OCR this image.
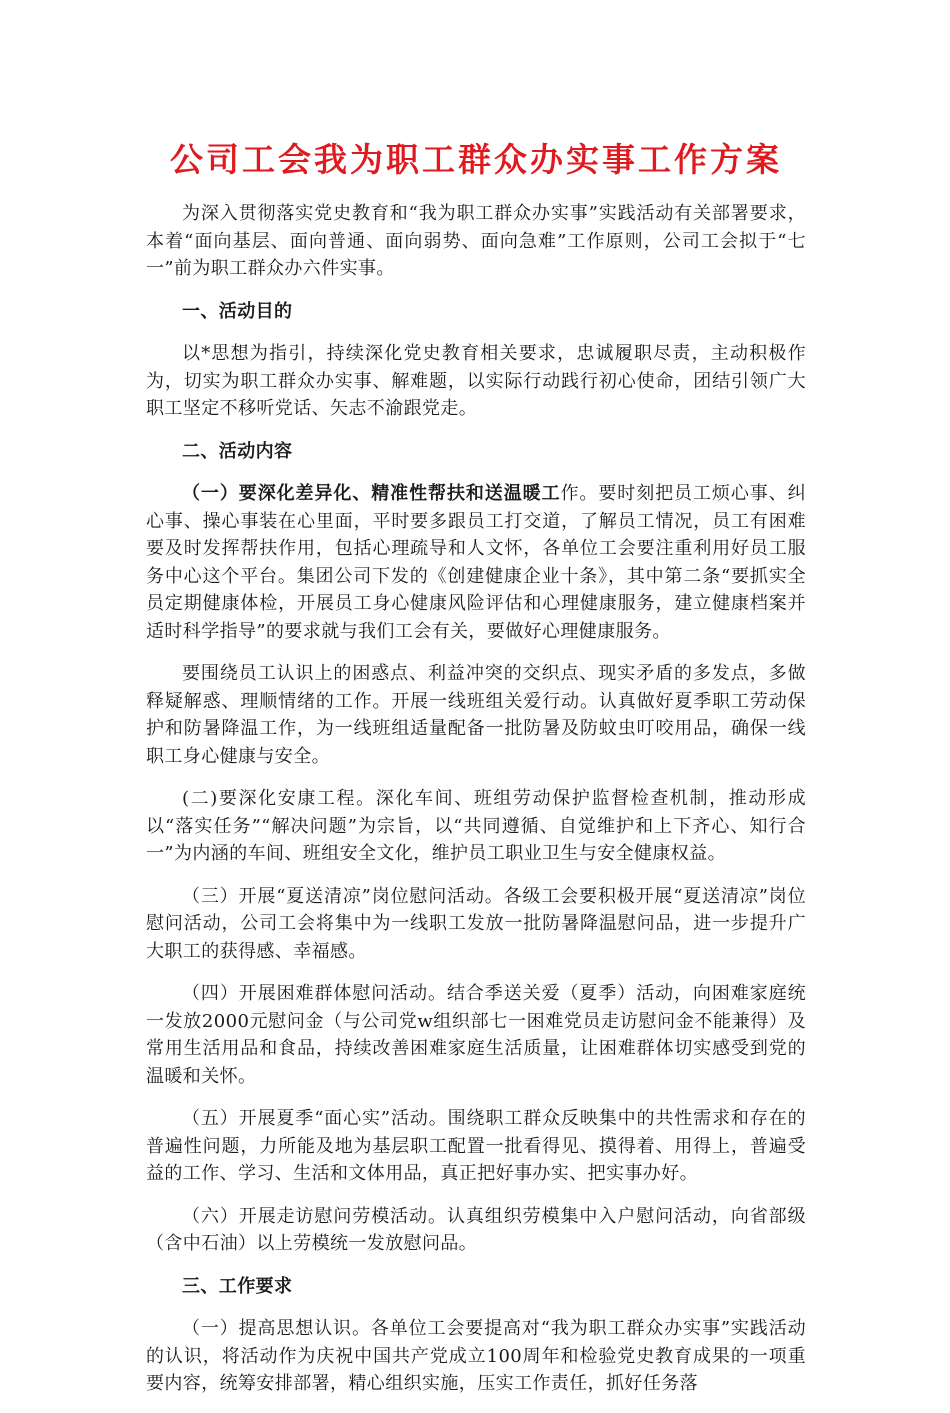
公司工会我为职工群众办实事工作方案

为深入贯彻落实党史教育和“我为职工群众办实事”实践活动有关部署要求，本着“面向基层、面向普通、面向弱势、面向急难”工作原则，公司工会拟于“七一”前为职工群众办六件实事。

一、活动目的

以*思想为指引，持续深化党史教育相关要求，忠诚履职尽责，主动积极作为，切实为职工群众办实事、解难题，以实际行动践行初心使命，团结引领广大职工坚定不移听党话、矢志不渝跟党走。

二、活动内容

（一）要深化差异化、精准性帮扶和送温暖工作。要时刻把员工烦心事、纠心事、操心事装在心里面，平时要多跟员工打交道，了解员工情况，员工有困难要及时发挥帮扶作用，包括心理疏导和人文怀，各单位工会要注重利用好员工服务中心这个平台。集团公司下发的《创建健康企业十条》，其中第二条“要抓实全员定期健康体检，开展员工身心健康风险评估和心理健康服务，建立健康档案并适时科学指导”的要求就与我们工会有关，要做好心理健康服务。

要围绕员工认识上的困惑点、利益冲突的交织点、现实矛盾的多发点，多做释疑解惑、理顺情绪的工作。开展一线班组关爱行动。认真做好夏季职工劳动保护和防暑降温工作，为一线班组适量配备一批防暑及防蚊虫叮咬用品，确保一线职工身心健康与安全。

(二)要深化安康工程。深化车间、班组劳动保护监督检查机制，推动形成以“落实任务”“解决问题”为宗旨，以“共同遵循、自觉维护和上下齐心、知行合一”为内涵的车间、班组安全文化，维护员工职业卫生与安全健康权益。

（三）开展“夏送清凉”岗位慰问活动。各级工会要积极开展“夏送清凉”岗位慰问活动，公司工会将集中为一线职工发放一批防暑降温慰问品，进一步提升广大职工的获得感、幸福感。

（四）开展困难群体慰问活动。结合季送关爱（夏季）活动，向困难家庭统一发放2000元慰问金（与公司党w组织部七一困难党员走访慰问金不能兼得）及常用生活用品和食品，持续改善困难家庭生活质量，让困难群体切实感受到党的温暖和关怀。

（五）开展夏季“面心实”活动。围绕职工群众反映集中的共性需求和存在的普遍性问题，力所能及地为基层职工配置一批看得见、摸得着、用得上，普遍受益的工作、学习、生活和文体用品，真正把好事办实、把实事办好。

（六）开展走访慰问劳模活动。认真组织劳模集中入户慰问活动，向省部级（含中石油）以上劳模统一发放慰问品。

三、工作要求

（一）提高思想认识。各单位工会要提高对“我为职工群众办实事”实践活动的认识，将活动作为庆祝中国共产党成立100周年和检验党史教育成果的一项重要内容，统筹安排部署，精心组织实施，压实工作责任，抓好任务落
